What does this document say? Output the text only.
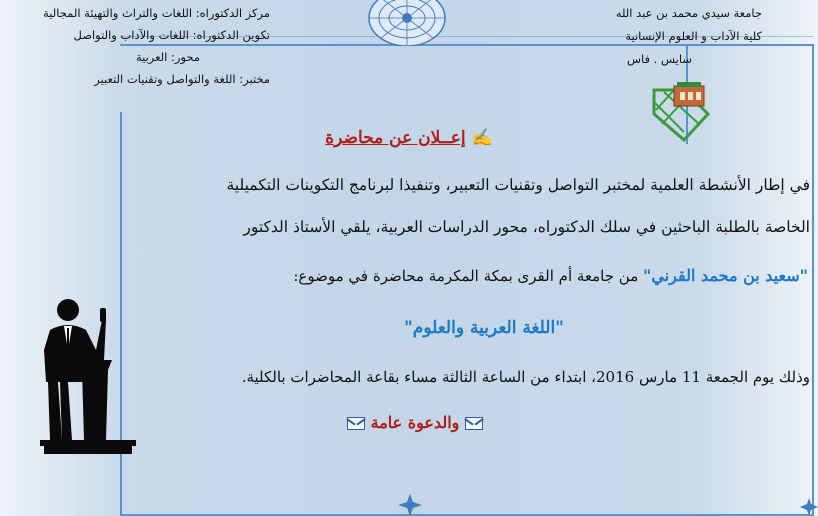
مركز الدكتوراه: اللغات والتراث والتهيئة المجالية
تكوين الدكتوراه: اللغات والآداب والتواصل
محور: العربية
مختبر: اللغة والتواصل وتقنيات التعبير
جامعة سيدي محمد بن عبد الله
كلية الآداب و العلوم الإنسانية
سايس . فاس
✍ إعــلان عن محاضرة
في إطار الأنشطة العلمية لمختبر التواصل وتقنيات التعبير، وتنفيذا لبرنامج التكوينات التكميلية
الخاصة بالطلبة الباحثين في سلك الدكتوراه، محور الدراسات العربية، يلقي الأستاذ الدكتور
"سعيد بن محمد القرني" من جامعة أم القرى بمكة المكرمة محاضرة في موضوع:
"اللغة العربية والعلوم"
وذلك يوم الجمعة 11 مارس 2016، ابتداء من الساعة الثالثة مساء بقاعة المحاضرات بالكلية.
والدعوة عامة
